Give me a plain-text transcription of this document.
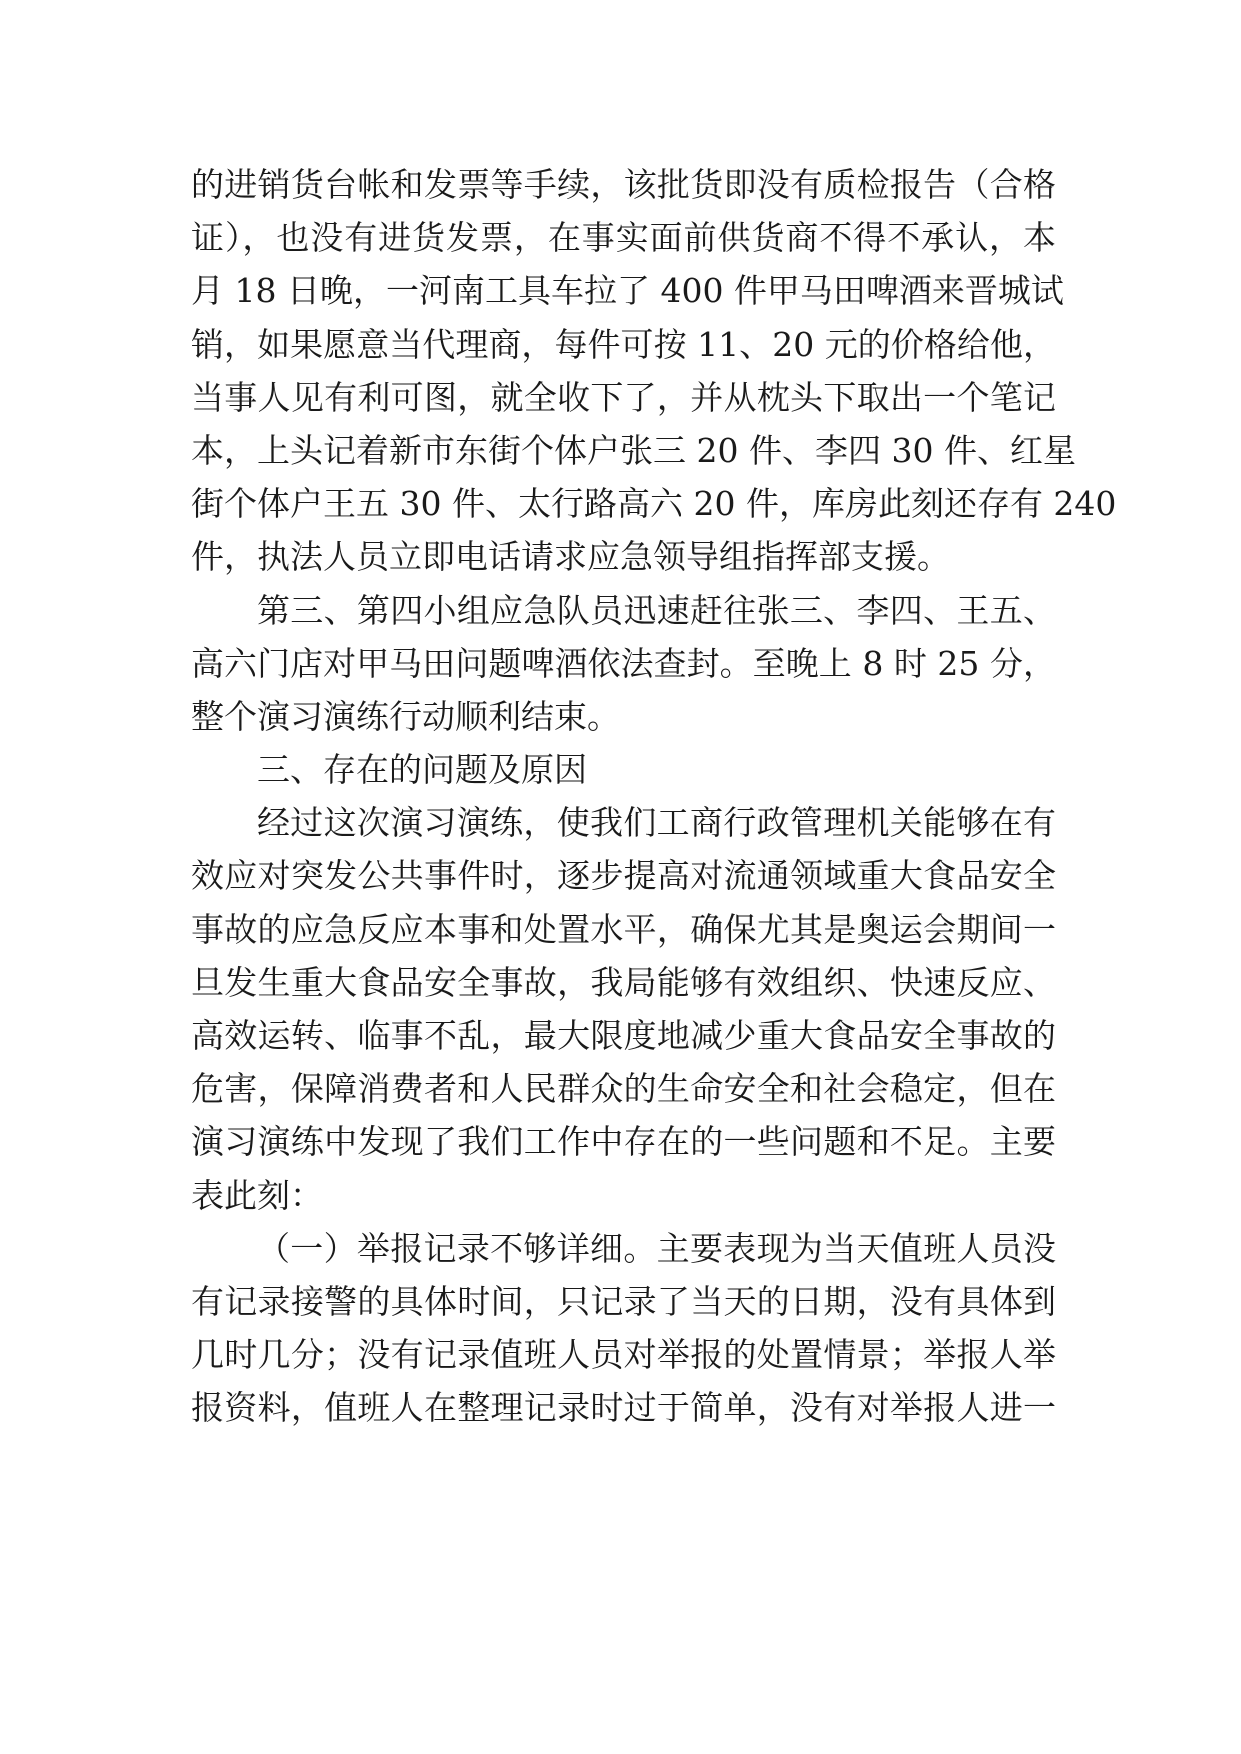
的进销货台帐和发票等手续，该批货即没有质检报告（合格
证），也没有进货发票，在事实面前供货商不得不承认，本
月 18 日晚，一河南工具车拉了 400 件甲马田啤酒来晋城试
销，如果愿意当代理商，每件可按 11、20 元的价格给他，
当事人见有利可图，就全收下了，并从枕头下取出一个笔记
本，上头记着新市东街个体户张三 20 件、李四 30 件、红星
街个体户王五 30 件、太行路高六 20 件，库房此刻还存有 240
件，执法人员立即电话请求应急领导组指挥部支援。
第三、第四小组应急队员迅速赶往张三、李四、王五、
高六门店对甲马田问题啤酒依法查封。至晚上 8 时 25 分，
整个演习演练行动顺利结束。
三、存在的问题及原因
经过这次演习演练，使我们工商行政管理机关能够在有
效应对突发公共事件时，逐步提高对流通领域重大食品安全
事故的应急反应本事和处置水平，确保尤其是奥运会期间一
旦发生重大食品安全事故，我局能够有效组织、快速反应、
高效运转、临事不乱，最大限度地减少重大食品安全事故的
危害，保障消费者和人民群众的生命安全和社会稳定，但在
演习演练中发现了我们工作中存在的一些问题和不足。主要
表此刻：
（一）举报记录不够详细。主要表现为当天值班人员没
有记录接警的具体时间，只记录了当天的日期，没有具体到
几时几分；没有记录值班人员对举报的处置情景；举报人举
报资料，值班人在整理记录时过于简单，没有对举报人进一
